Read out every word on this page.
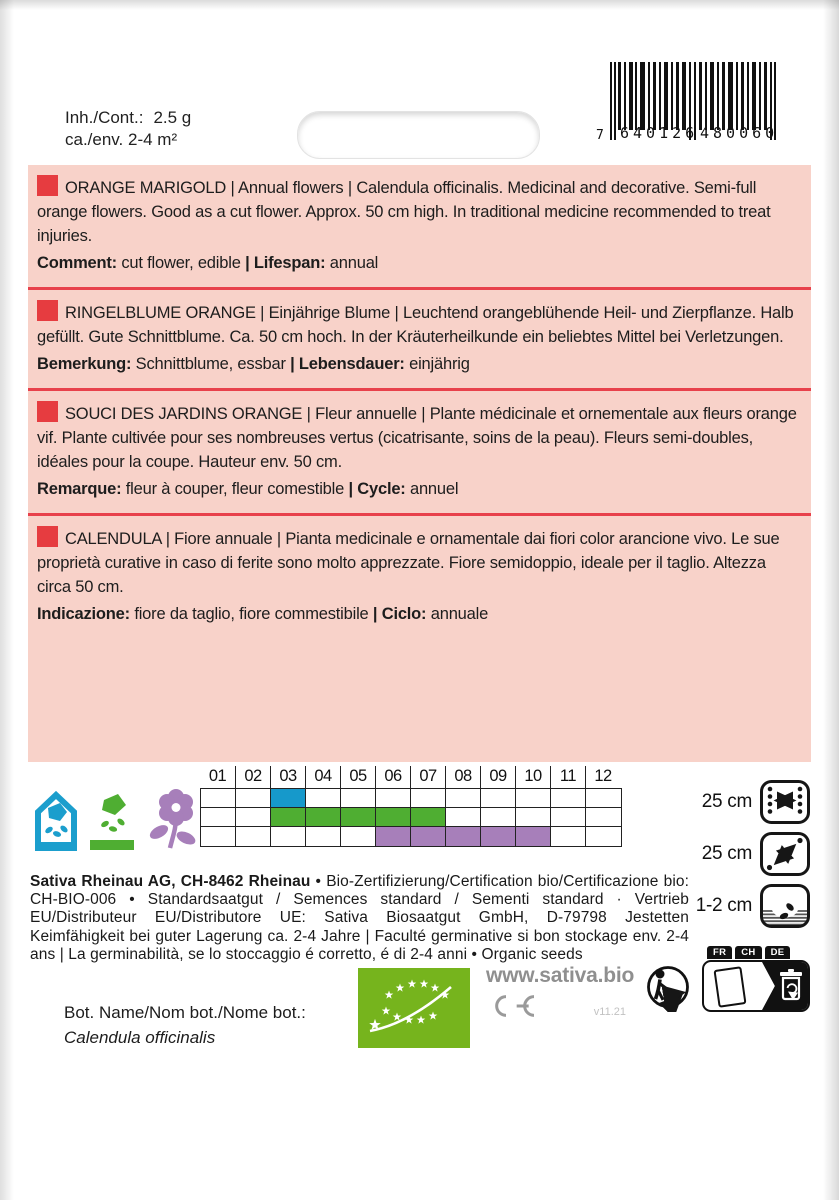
Inh./Cont.: 2.5 g
ca./env. 2-4 m²	7 640126 480060
ORANGE MARIGOLD | Annual flowers | Calendula officinalis. Medicinal and decorative. Semi-full orange flowers. Good as a cut flower. Approx. 50 cm high. In traditional medicine recommended to treat injuries.
Comment: cut flower, edible | Lifespan: annual
RINGELBLUME ORANGE | Einjährige Blume | Leuchtend orangeblühende Heil- und Zierpflanze. Halb gefüllt. Gute Schnittblume. Ca. 50 cm hoch. In der Kräuterheilkunde ein beliebtes Mittel bei Verletzungen.
Bemerkung: Schnittblume, essbar | Lebensdauer: einjährig
SOUCI DES JARDINS ORANGE | Fleur annuelle | Plante médicinale et ornementale aux fleurs orange vif. Plante cultivée pour ses nombreuses vertus (cicatrisante, soins de la peau). Fleurs semi-doubles, idéales pour la coupe. Hauteur env. 50 cm.
Remarque: fleur à couper, fleur comestible | Cycle: annuel
CALENDULA | Fiore annuale | Pianta medicinale e ornamentale dai fiori color arancione vivo. Le sue proprietà curative in caso di ferite sono molto apprezzate. Fiore semidoppio, ideale per il taglio. Altezza circa 50 cm.
Indicazione: fiore da taglio, fiore commestibile | Ciclo: annuale
01	02	03	04	05	06	07	08	09	10	11	12
25 cm
25 cm
1-2 cm

Sativa Rheinau AG, CH-8462 Rheinau • Bio-Zertifizierung/Certification bio/Certificazione bio: CH-BIO-006 • Standardsaatgut / Semences standard / Sementi standard · Vertrieb EU/Distributeur EU/Distributore UE: Sativa Biosaatgut GmbH, D-79798 Jestetten Keimfähigkeit bei guter Lagerung ca. 2-4 Jahre | Faculté germinative si bon stockage env. 2-4 ans | La germinabilità, se lo stoccaggio é corretto, é di 2-4 anni • Organic seeds

Bot. Name/Nom bot./Nome bot.:
Calendula officinalis
www.sativa.bio
v11.21
FR	CH	DE
